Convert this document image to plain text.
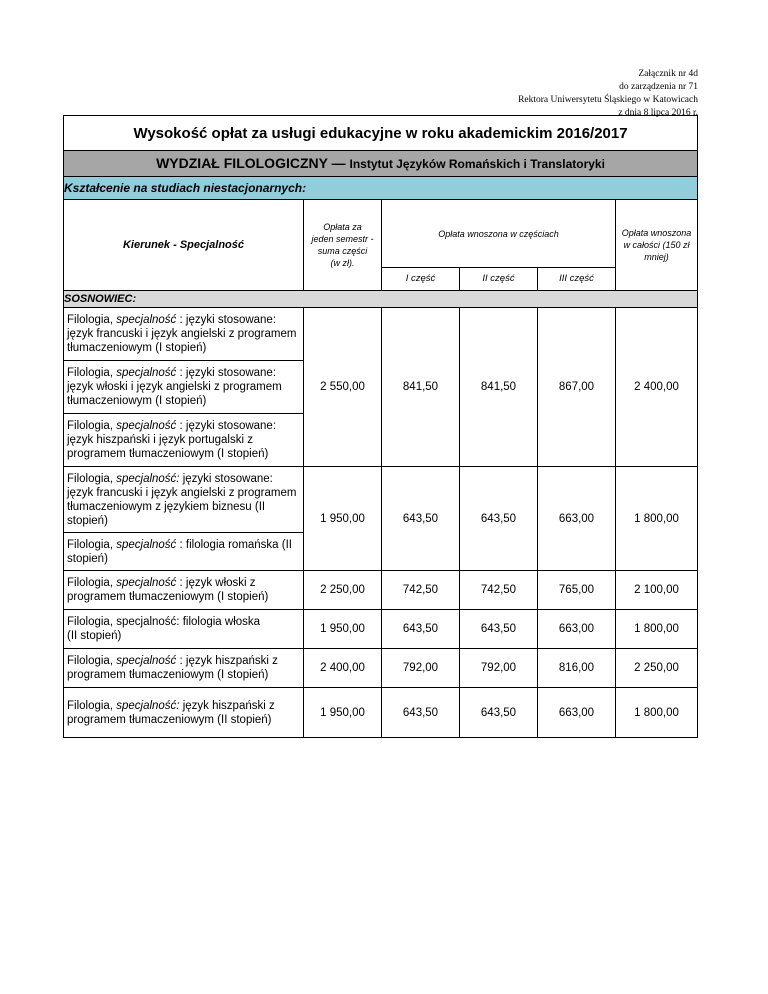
Załącznik nr 4d
do zarządzenia nr 71
Rektora Uniwersytetu Śląskiego w Katowicach
z dnia 8 lipca 2016 r.
Wysokość opłat za usługi edukacyjne w roku akademickim 2016/2017					
WYDZIAŁ FILOLOGICZNY — Instytut Języków Romańskich i Translatoryki					
Kształcenie na studiach niestacjonarnych:					
Kierunek - Specjalność	Opłata za
jeden semestr -
suma części
(w zł).	Opłata wnoszona w częściach			Opłata wnoszona
w całości (150 zł
mniej)
		I część	II część	III część	
SOSNOWIEC:					
Filologia, specjalność : języki stosowane:
język francuski i język angielski z programem
tłumaczeniowym (I stopień)	2 550,00	841,50	841,50	867,00	2 400,00
Filologia, specjalność : języki stosowane:
język włoski i język angielski z programem
tłumaczeniowym (I stopień)					
Filologia, specjalność : języki stosowane:
język hiszpański i język portugalski z
programem tłumaczeniowym (I stopień)					
Filologia, specjalność: języki stosowane:
język francuski i język angielski z programem
tłumaczeniowym z językiem biznesu (II
stopień)	1 950,00	643,50	643,50	663,00	1 800,00
Filologia, specjalność : filologia romańska (II
stopień)					
Filologia, specjalność : język włoski z
programem tłumaczeniowym (I stopień)	2 250,00	742,50	742,50	765,00	2 100,00
Filologia, specjalność: filologia włoska
(II stopień)	1 950,00	643,50	643,50	663,00	1 800,00
Filologia, specjalność : język hiszpański z
programem tłumaczeniowym (I stopień)	2 400,00	792,00	792,00	816,00	2 250,00
Filologia, specjalność: język hiszpański z
programem tłumaczeniowym (II stopień)	1 950,00	643,50	643,50	663,00	1 800,00
